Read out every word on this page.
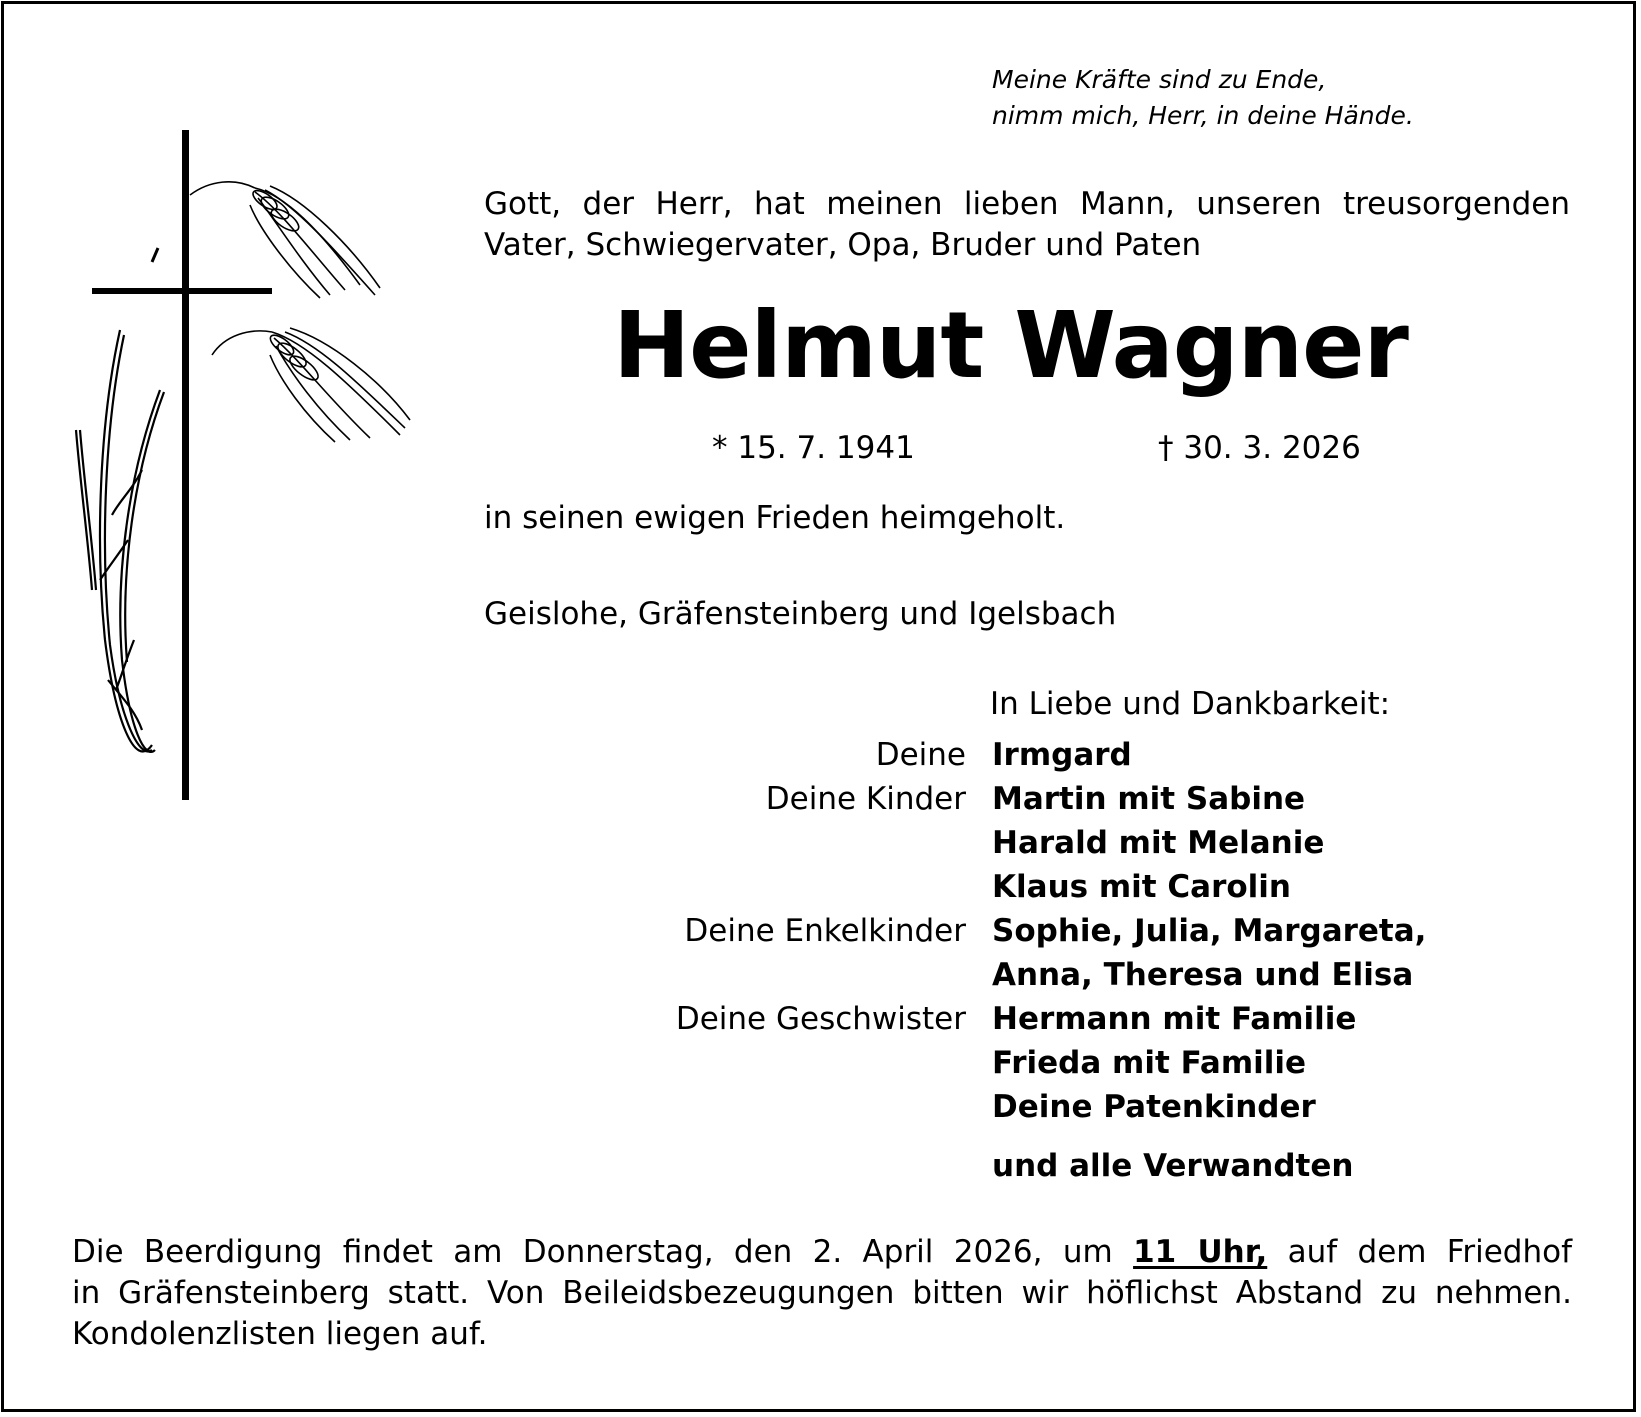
Meine Kräfte sind zu Ende,
nimm mich, Herr, in deine Hände.
Gott, der Herr, hat meinen lieben Mann, unseren treusorgenden
Vater, Schwiegervater, Opa, Bruder und Paten
Helmut Wagner
* 15. 7. 1941	† 30. 3. 2026
in seinen ewigen Frieden heimgeholt.
Geislohe, Gräfensteinberg und Igelsbach
In Liebe und Dankbarkeit:
Deine Irmgard
Deine Kinder Martin mit Sabine
Harald mit Melanie
Klaus mit Carolin
Deine Enkelkinder Sophie, Julia, Margareta,
Anna, Theresa und Elisa
Deine Geschwister Hermann mit Familie
Frieda mit Familie
Deine Patenkinder
und alle Verwandten
Die Beerdigung findet am Donnerstag, den 2. April 2026, um 11 Uhr, auf dem Friedhof
in Gräfensteinberg statt. Von Beileidsbezeugungen bitten wir höflichst Abstand zu nehmen.
Kondolenzlisten liegen auf.
